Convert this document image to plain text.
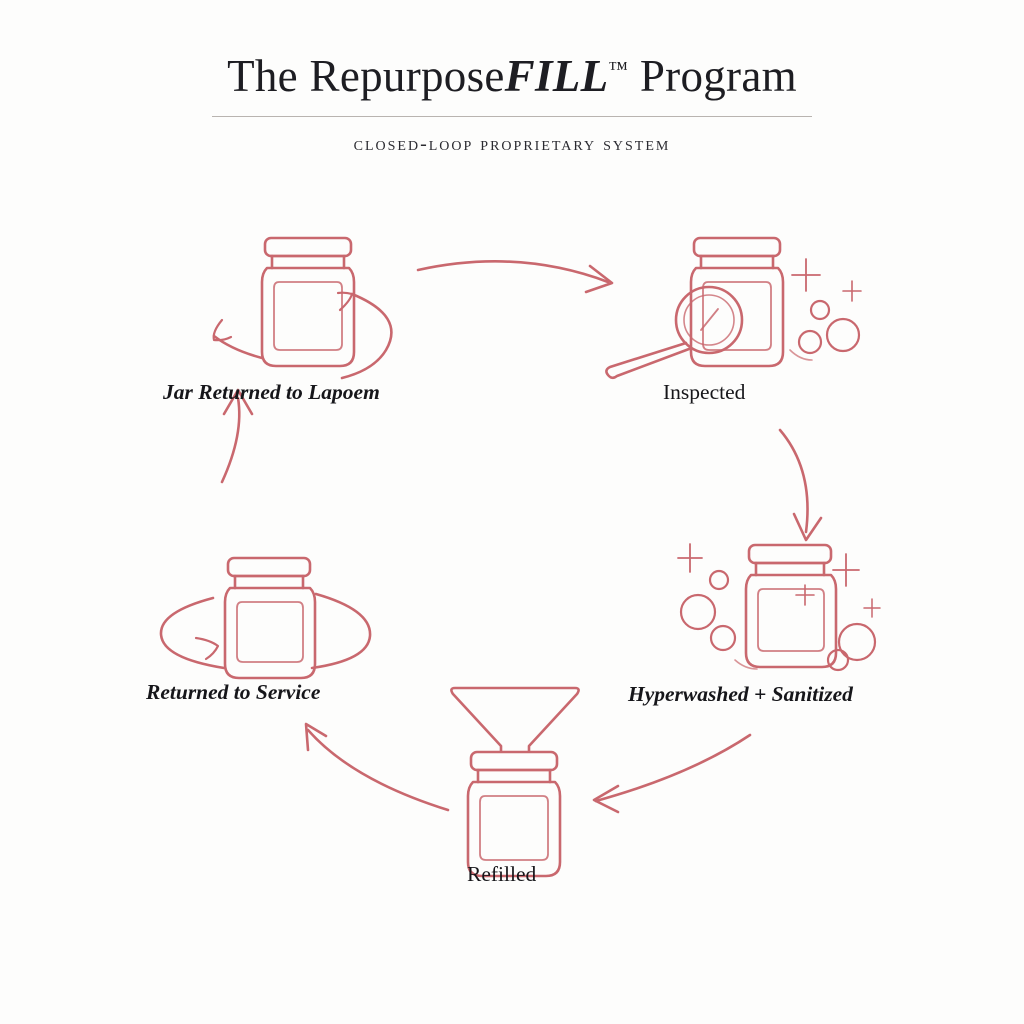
The RepurposeFILL™ Program
closed-loop proprietary system
Jar Returned to Lapoem	Inspected
Hyperwashed + Sanitized
Refilled
Returned to Service
